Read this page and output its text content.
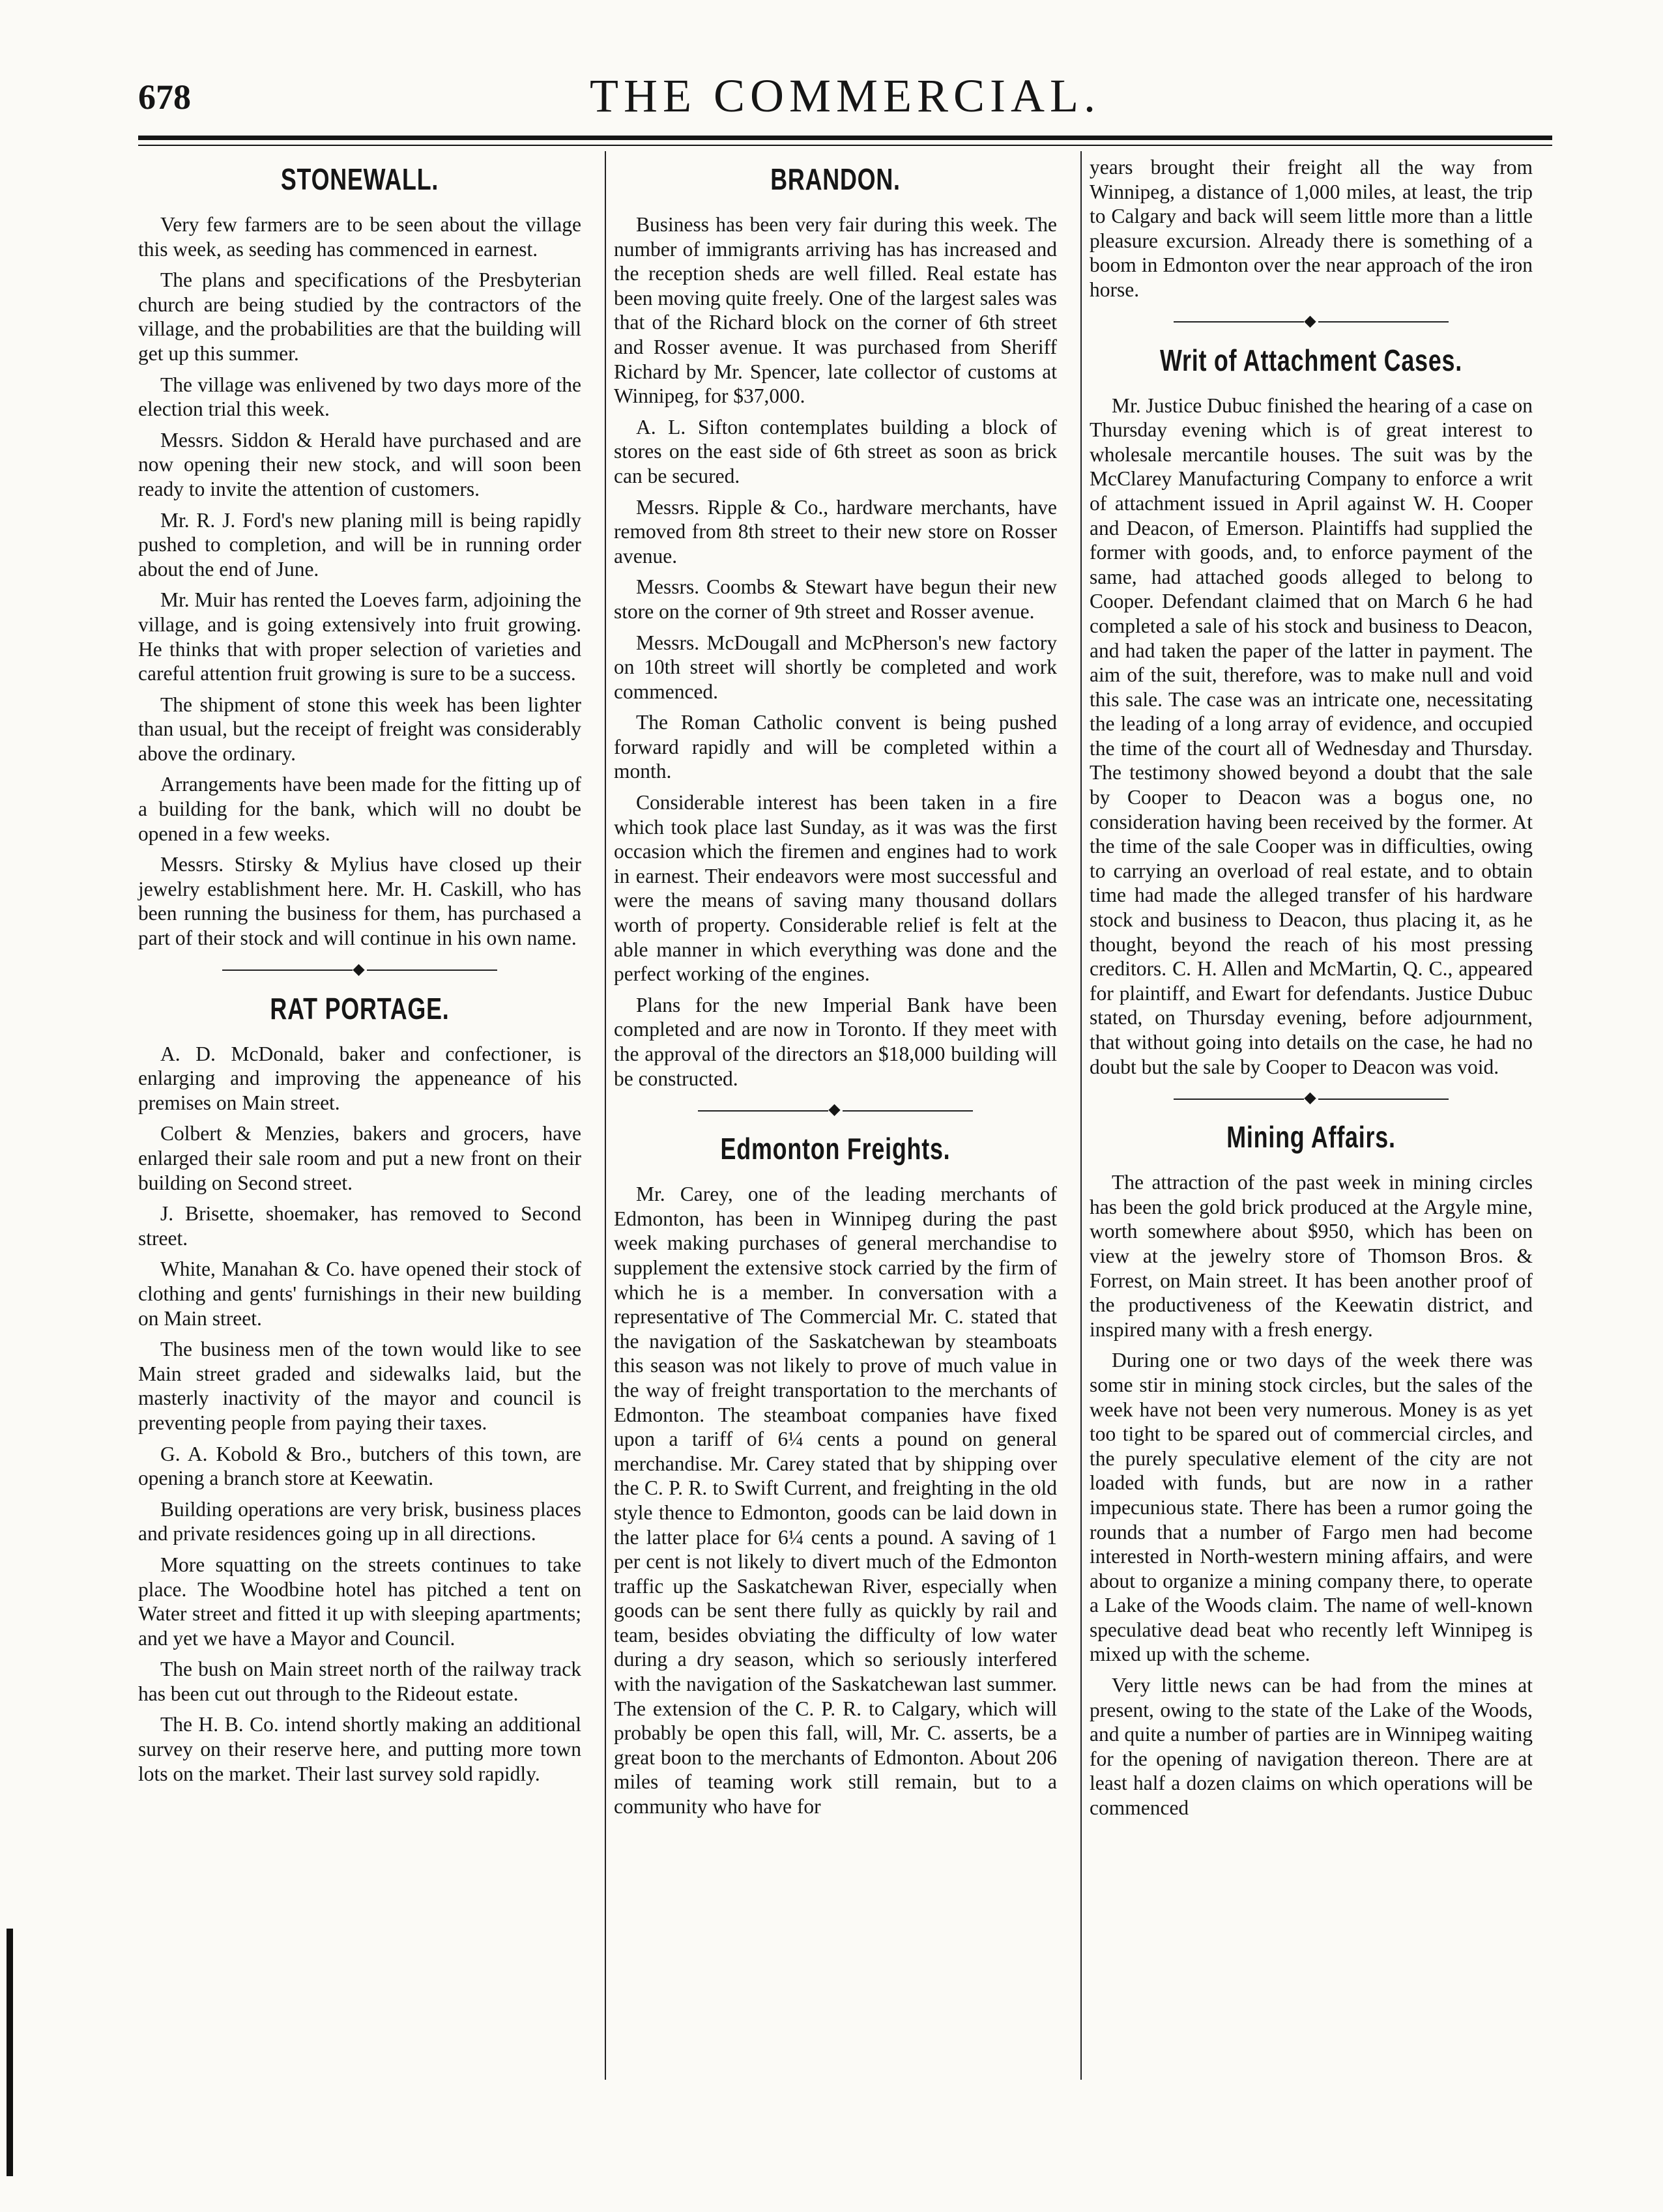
678	THE COMMERCIAL.
STONEWALL.

Very few farmers are to be seen about the village this week, as seeding has commenced in earnest.

The plans and specifications of the Presbyterian church are being studied by the contractors of the village, and the probabilities are that the building will get up this summer.

The village was enlivened by two days more of the election trial this week.

Messrs. Siddon & Herald have purchased and are now opening their new stock, and will soon been ready to invite the attention of customers.

Mr. R. J. Ford's new planing mill is being rapidly pushed to completion, and will be in running order about the end of June.

Mr. Muir has rented the Loeves farm, adjoining the village, and is going extensively into fruit growing. He thinks that with proper selection of varieties and careful attention fruit growing is sure to be a success.

The shipment of stone this week has been lighter than usual, but the receipt of freight was considerably above the ordinary.

Arrangements have been made for the fitting up of a building for the bank, which will no doubt be opened in a few weeks.

Messrs. Stirsky & Mylius have closed up their jewelry establishment here. Mr. H. Caskill, who has been running the business for them, has purchased a part of their stock and will continue in his own name.

◆
RAT PORTAGE.

A. D. McDonald, baker and confectioner, is enlarging and improving the appeneance of his premises on Main street.

Colbert & Menzies, bakers and grocers, have enlarged their sale room and put a new front on their building on Second street.

J. Brisette, shoemaker, has removed to Second street.

White, Manahan & Co. have opened their stock of clothing and gents' furnishings in their new building on Main street.

The business men of the town would like to see Main street graded and sidewalks laid, but the masterly inactivity of the mayor and council is preventing people from paying their taxes.

G. A. Kobold & Bro., butchers of this town, are opening a branch store at Keewatin.

Building operations are very brisk, business places and private residences going up in all directions.

More squatting on the streets continues to take place. The Woodbine hotel has pitched a tent on Water street and fitted it up with sleeping apartments; and yet we have a Mayor and Council.

The bush on Main street north of the railway track has been cut out through to the Rideout estate.

The H. B. Co. intend shortly making an additional survey on their reserve here, and putting more town lots on the market. Their last survey sold rapidly.

BRANDON.

Business has been very fair during this week. The number of immigrants arriving has has increased and the reception sheds are well filled. Real estate has been moving quite freely. One of the largest sales was that of the Richard block on the corner of 6th street and Rosser avenue. It was purchased from Sheriff Richard by Mr. Spencer, late collector of customs at Winnipeg, for $37,000.

A. L. Sifton contemplates building a block of stores on the east side of 6th street as soon as brick can be secured.

Messrs. Ripple & Co., hardware merchants, have removed from 8th street to their new store on Rosser avenue.

Messrs. Coombs & Stewart have begun their new store on the corner of 9th street and Rosser avenue.

Messrs. McDougall and McPherson's new factory on 10th street will shortly be completed and work commenced.

The Roman Catholic convent is being pushed forward rapidly and will be completed within a month.

Considerable interest has been taken in a fire which took place last Sunday, as it was was the first occasion which the firemen and engines had to work in earnest. Their endeavors were most successful and were the means of saving many thousand dollars worth of property. Considerable relief is felt at the able manner in which everything was done and the perfect working of the engines.

Plans for the new Imperial Bank have been completed and are now in Toronto. If they meet with the approval of the directors an $18,000 building will be constructed.

◆
Edmonton Freights.

Mr. Carey, one of the leading merchants of Edmonton, has been in Winnipeg during the past week making purchases of general merchandise to supplement the extensive stock carried by the firm of which he is a member. In conversation with a representative of The Commercial Mr. C. stated that the navigation of the Saskatchewan by steamboats this season was not likely to prove of much value in the way of freight transportation to the merchants of Edmonton. The steamboat companies have fixed upon a tariff of 6¼ cents a pound on general merchandise. Mr. Carey stated that by shipping over the C. P. R. to Swift Current, and freighting in the old style thence to Edmonton, goods can be laid down in the latter place for 6¼ cents a pound. A saving of 1 per cent is not likely to divert much of the Edmonton traffic up the Saskatchewan River, especially when goods can be sent there fully as quickly by rail and team, besides obviating the difficulty of low water during a dry season, which so seriously interfered with the navigation of the Saskatchewan last summer. The extension of the C. P. R. to Calgary, which will probably be open this fall, will, Mr. C. asserts, be a great boon to the merchants of Edmonton. About 206 miles of teaming work still remain, but to a community who have for

years brought their freight all the way from Winnipeg, a distance of 1,000 miles, at least, the trip to Calgary and back will seem little more than a little pleasure excursion. Already there is something of a boom in Edmonton over the near approach of the iron horse.

◆
Writ of Attachment Cases.

Mr. Justice Dubuc finished the hearing of a case on Thursday evening which is of great interest to wholesale mercantile houses. The suit was by the McClarey Manufacturing Company to enforce a writ of attachment issued in April against W. H. Cooper and Deacon, of Emerson. Plaintiffs had supplied the former with goods, and, to enforce payment of the same, had attached goods alleged to belong to Cooper. Defendant claimed that on March 6 he had completed a sale of his stock and business to Deacon, and had taken the paper of the latter in payment. The aim of the suit, therefore, was to make null and void this sale. The case was an intricate one, necessitating the leading of a long array of evidence, and occupied the time of the court all of Wednesday and Thursday. The testimony showed beyond a doubt that the sale by Cooper to Deacon was a bogus one, no consideration having been received by the former. At the time of the sale Cooper was in difficulties, owing to carrying an overload of real estate, and to obtain time had made the alleged transfer of his hardware stock and business to Deacon, thus placing it, as he thought, beyond the reach of his most pressing creditors. C. H. Allen and McMartin, Q. C., appeared for plaintiff, and Ewart for defendants. Justice Dubuc stated, on Thursday evening, before adjournment, that without going into details on the case, he had no doubt but the sale by Cooper to Deacon was void.

◆
Mining Affairs.

The attraction of the past week in mining circles has been the gold brick produced at the Argyle mine, worth somewhere about $950, which has been on view at the jewelry store of Thomson Bros. & Forrest, on Main street. It has been another proof of the productiveness of the Keewatin district, and inspired many with a fresh energy.

During one or two days of the week there was some stir in mining stock circles, but the sales of the week have not been very numerous. Money is as yet too tight to be spared out of commercial circles, and the purely speculative element of the city are not loaded with funds, but are now in a rather impecunious state. There has been a rumor going the rounds that a number of Fargo men had become interested in North-western mining affairs, and were about to organize a mining company there, to operate a Lake of the Woods claim. The name of well-known speculative dead beat who recently left Winnipeg is mixed up with the scheme.

Very little news can be had from the mines at present, owing to the state of the Lake of the Woods, and quite a number of parties are in Winnipeg waiting for the opening of navigation thereon. There are at least half a dozen claims on which operations will be commenced
